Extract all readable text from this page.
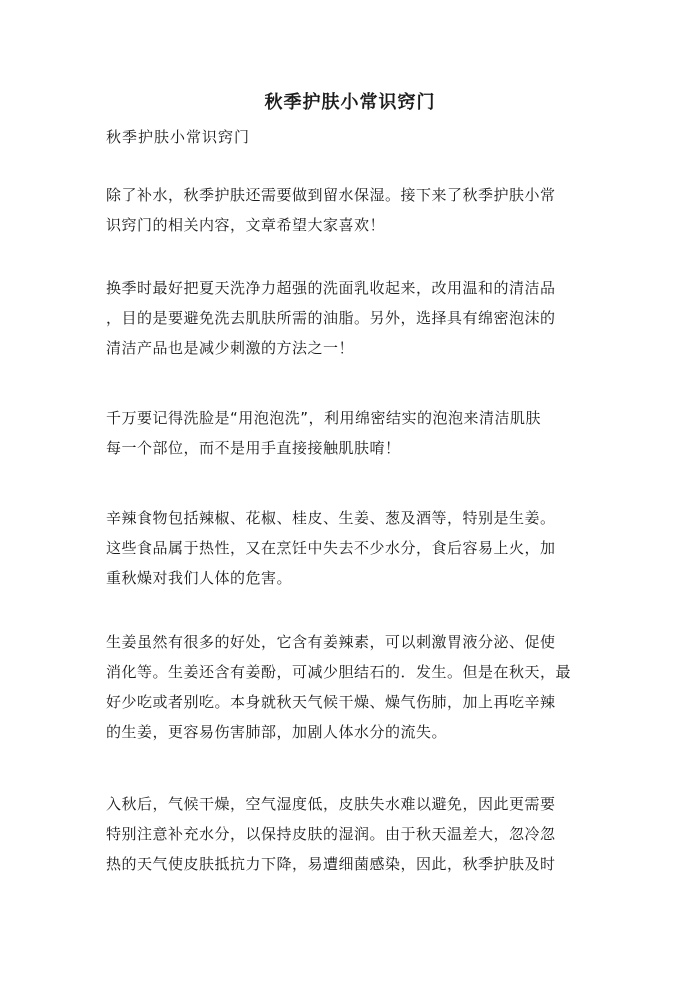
秋季护肤小常识窍门
秋季护肤小常识窍门
除了补水，秋季护肤还需要做到留水保湿。接下来了秋季护肤小常
识窍门的相关内容，文章希望大家喜欢！
换季时最好把夏天洗净力超强的洗面乳收起来，改用温和的清洁品
，目的是要避免洗去肌肤所需的油脂。另外，选择具有绵密泡沫的
清洁产品也是减少刺激的方法之一！
千万要记得洗脸是“用泡泡洗”，利用绵密结实的泡泡来清洁肌肤
每一个部位，而不是用手直接接触肌肤唷！
辛辣食物包括辣椒、花椒、桂皮、生姜、葱及酒等，特别是生姜。
这些食品属于热性，又在烹饪中失去不少水分，食后容易上火，加
重秋燥对我们人体的危害。
生姜虽然有很多的好处，它含有姜辣素，可以刺激胃液分泌、促使
消化等。生姜还含有姜酚，可减少胆结石的．发生。但是在秋天，最
好少吃或者别吃。本身就秋天气候干燥、燥气伤肺，加上再吃辛辣
的生姜，更容易伤害肺部，加剧人体水分的流失。
入秋后，气候干燥，空气湿度低，皮肤失水难以避免，因此更需要
特别注意补充水分，以保持皮肤的湿润。由于秋天温差大，忽冷忽
热的天气使皮肤抵抗力下降，易遭细菌感染，因此，秋季护肤及时
